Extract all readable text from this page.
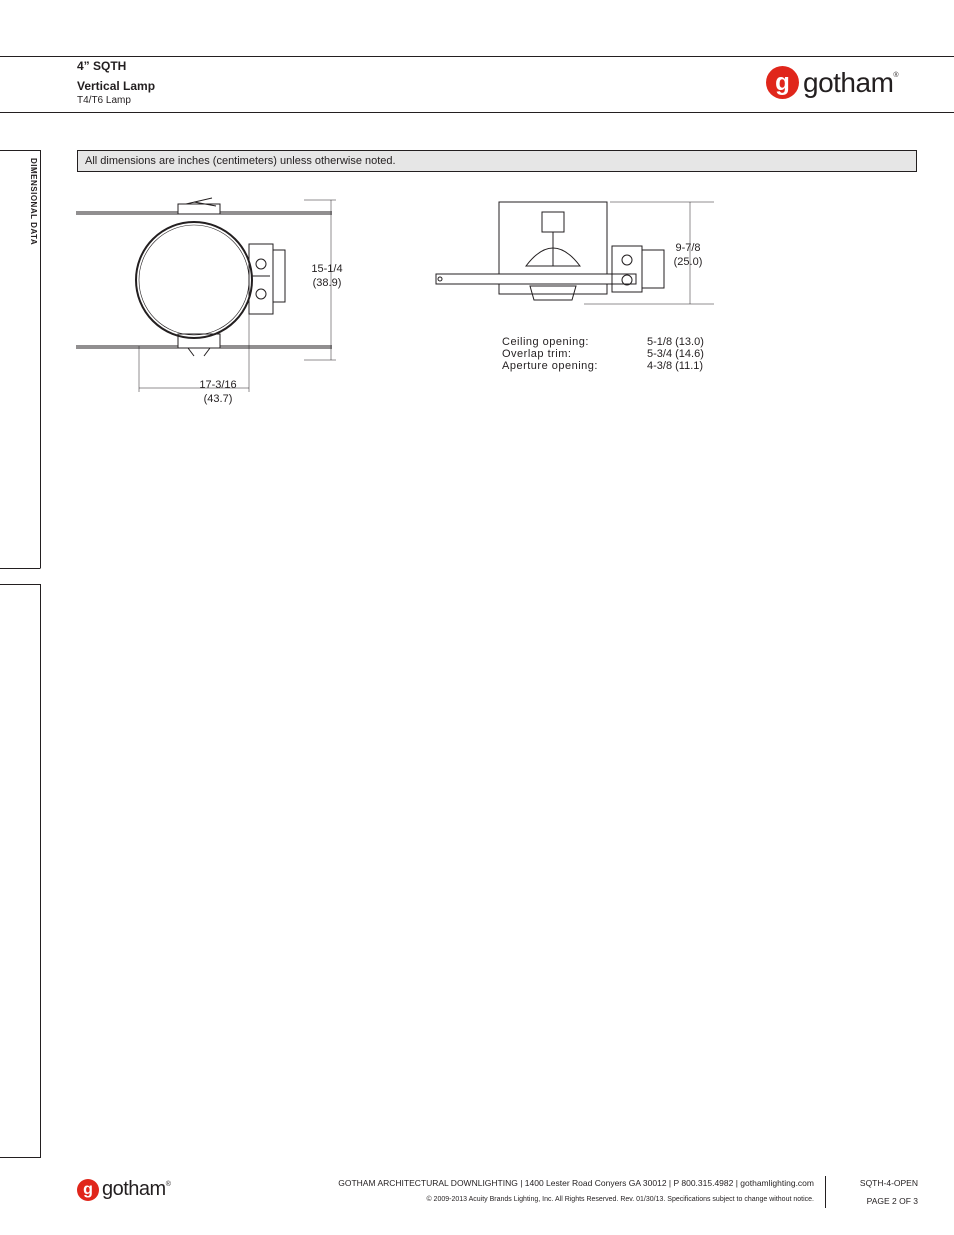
4” SQTH
Vertical Lamp
T4/T6 Lamp
g gotham ®
DIMENSIONAL DATA	All dimensions are inches (centimeters) unless otherwise noted.
15-1/4
(38.9)
17-3/16
(43.7)
9-7/8
(25.0)
Ceiling opening:	5-1/8 (13.0)
Overlap trim:	5-3/4 (14.6)
Aperture opening:	4-3/8 (11.1)
g gotham ®	GOTHAM ARCHITECTURAL DOWNLIGHTING | 1400 Lester Road Conyers GA 30012 | P 800.315.4982 | gothamlighting.com
© 2009-2013 Acuity Brands Lighting, Inc. All Rights Reserved. Rev. 01/30/13. Specifications subject to change without notice.
SQTH-4-OPEN
PAGE 2 OF 3
